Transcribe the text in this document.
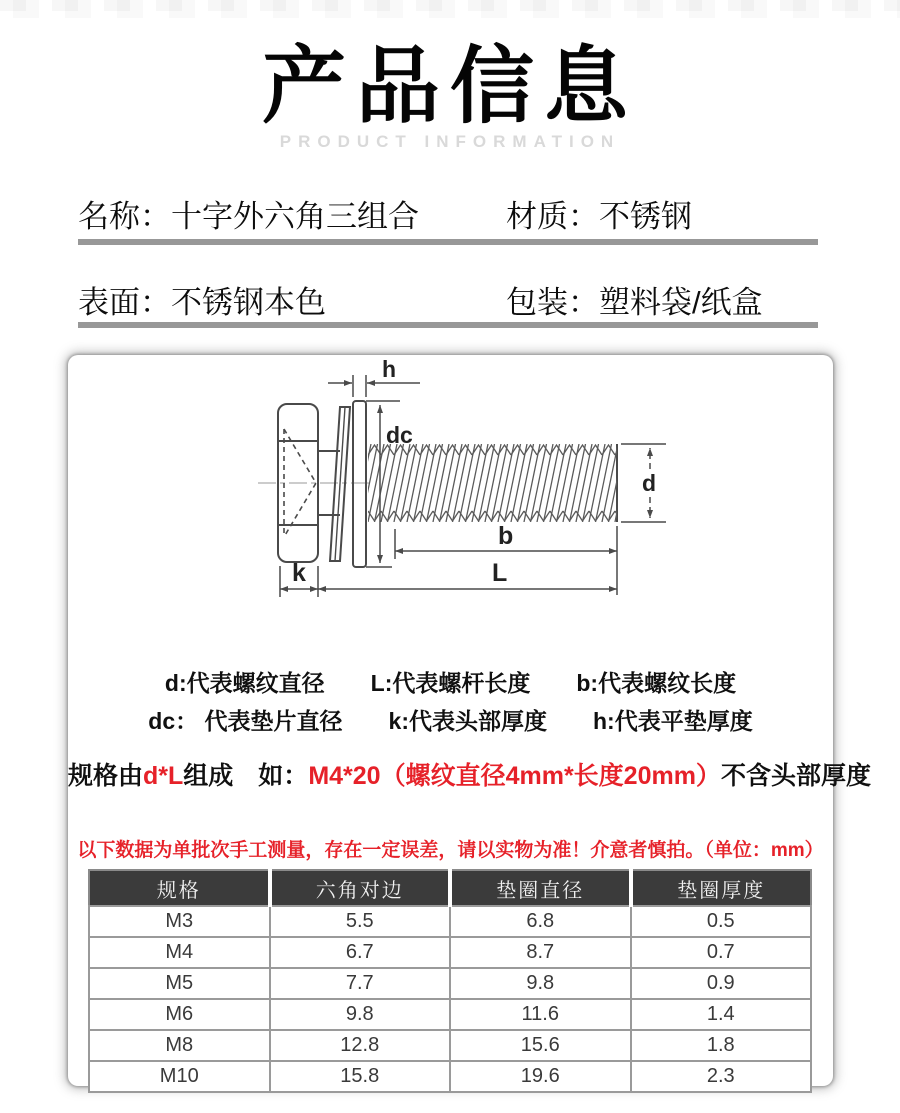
产品信息
PRODUCT INFORMATION
名称：十字外六角三组合	材质：不锈钢
表面：不锈钢本色	包装：塑料袋/纸盒
h
dc
d
b
k	L
d:代表螺纹直径 L:代表螺杆长度 b:代表螺纹长度
dc： 代表垫片直径 k:代表头部厚度 h:代表平垫厚度
规格由d*L组成　如：M4*20（螺纹直径4mm*长度20mm）不含头部厚度
以下数据为单批次手工测量，存在一定误差，请以实物为准！介意者慎拍。（单位：mm）
规格	六角对边	垫圈直径	垫圈厚度
M3	5.5	6.8	0.5
M4	6.7	8.7	0.7
M5	7.7	9.8	0.9
M6	9.8	11.6	1.4
M8	12.8	15.6	1.8
M10	15.8	19.6	2.3
